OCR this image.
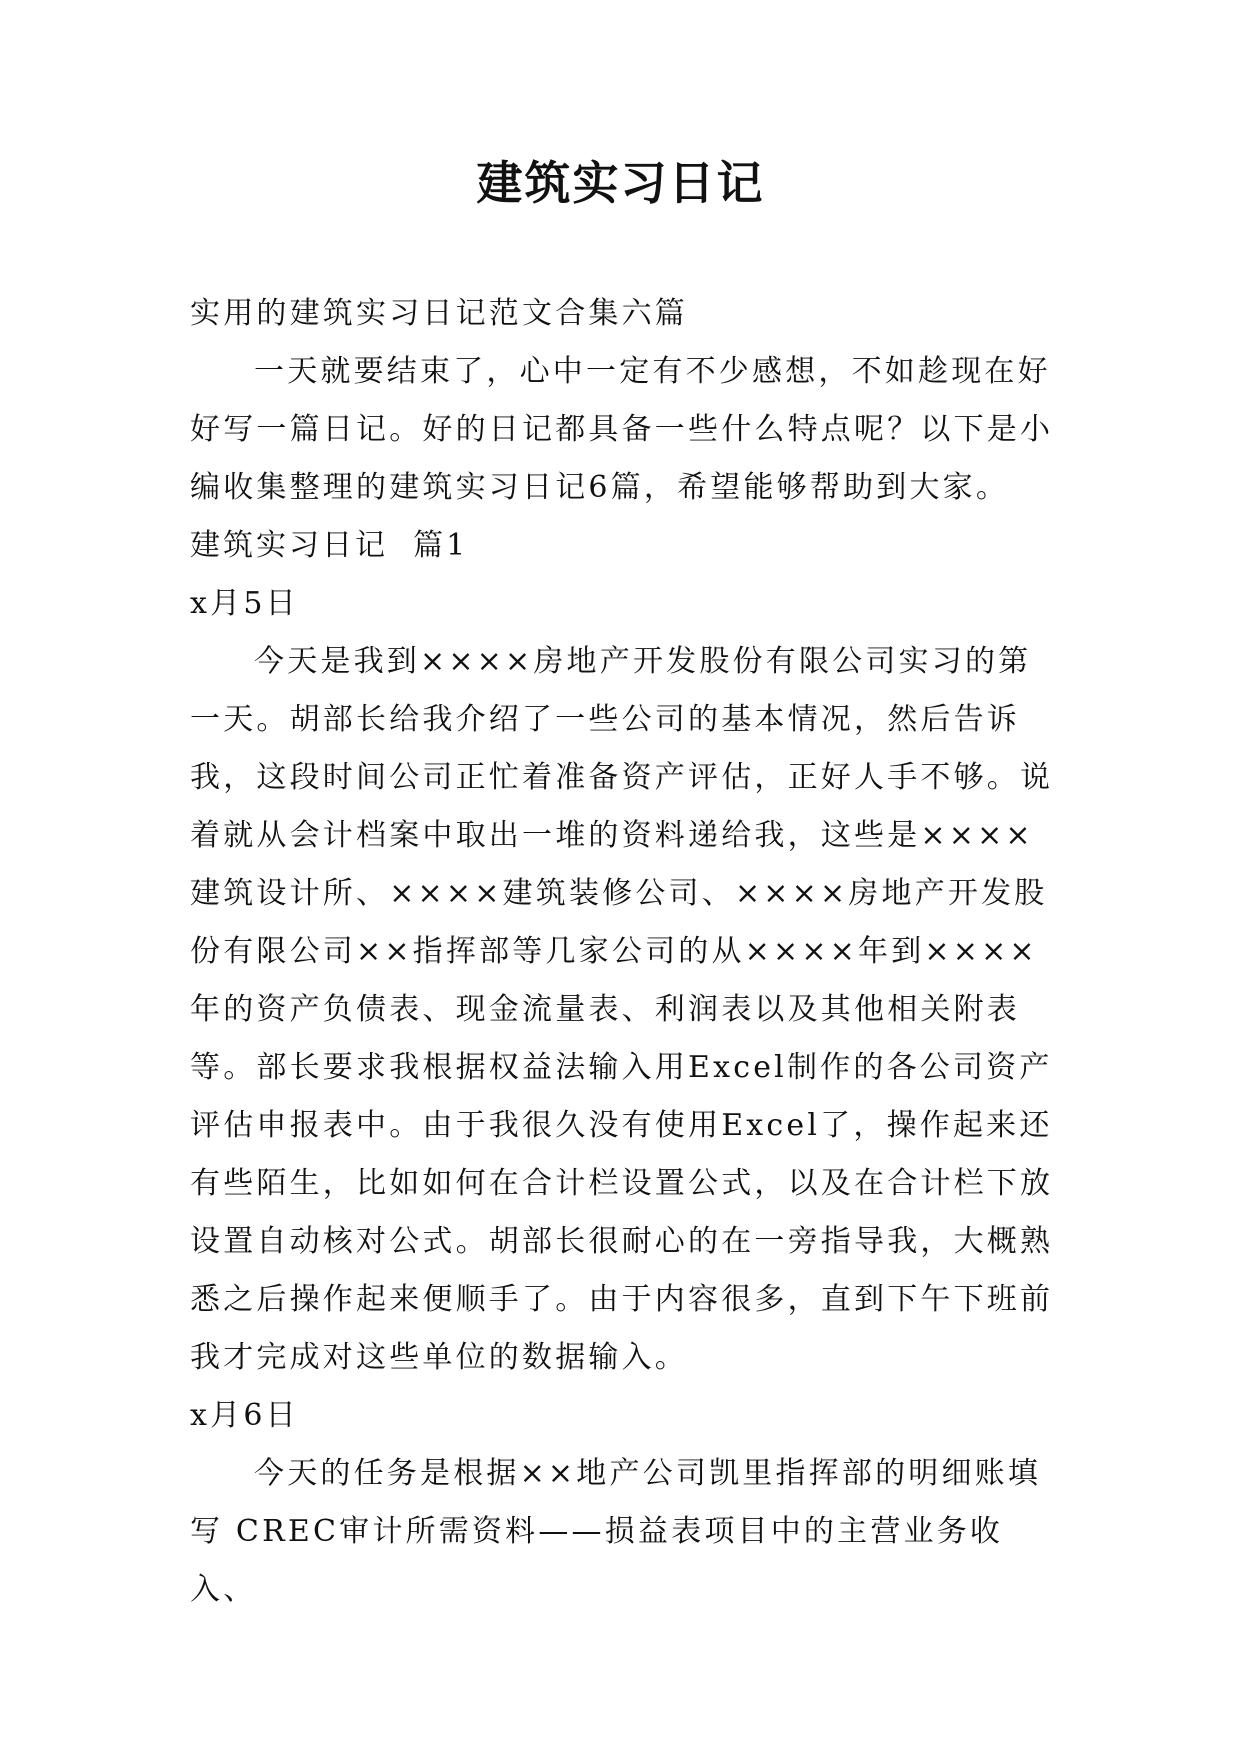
建筑实习日记

实用的建筑实习日记范文合集六篇

一天就要结束了，心中一定有不少感想，不如趁现在好好写一篇日记。好的日记都具备一些什么特点呢？以下是小编收集整理的建筑实习日记6篇，希望能够帮助到大家。

建筑实习日记  篇1

x月5日

今天是我到××××房地产开发股份有限公司实习的第一天。胡部长给我介绍了一些公司的基本情况，然后告诉我，这段时间公司正忙着准备资产评估，正好人手不够。说着就从会计档案中取出一堆的资料递给我，这些是××××建筑设计所、××××建筑装修公司、××××房地产开发股份有限公司××指挥部等几家公司的从××××年到××××年的资产负债表、现金流量表、利润表以及其他相关附表等。部长要求我根据权益法输入用Excel制作的各公司资产评估申报表中。由于我很久没有使用Excel了，操作起来还有些陌生，比如如何在合计栏设置公式，以及在合计栏下放设置自动核对公式。胡部长很耐心的在一旁指导我，大概熟悉之后操作起来便顺手了。由于内容很多，直到下午下班前我才完成对这些单位的数据输入。

x月6日

今天的任务是根据××地产公司凯里指挥部的明细账填写 CREC审计所需资料——损益表项目中的主营业务收入、
